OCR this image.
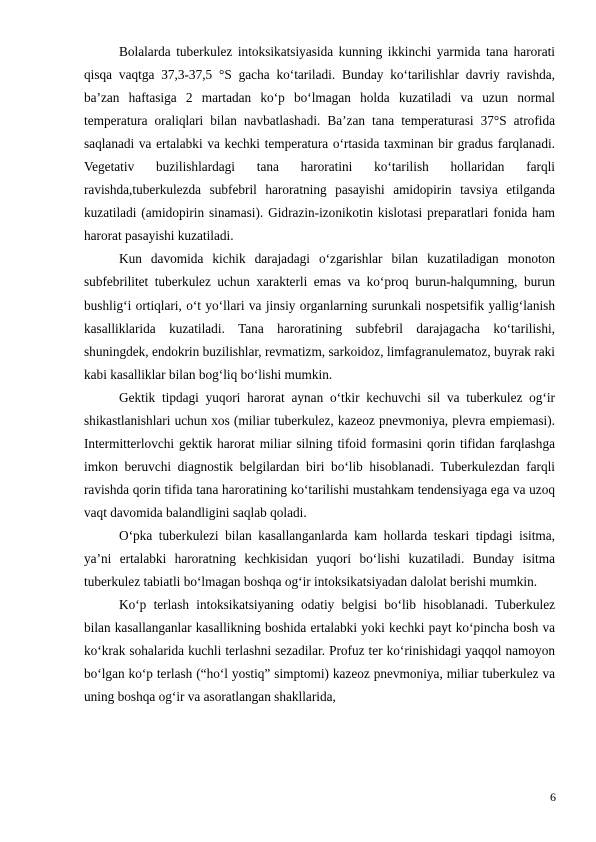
Bolalarda tuberkulez intoksikatsiyasida kunning ikkinchi yarmida tana harorati qisqa vaqtga 37,3-37,5 °S gacha ko‘tariladi. Bunday ko‘tarilishlar davriy ravishda, ba’zan haftasiga 2 martadan ko‘p bo‘lmagan holda kuzatiladi va uzun normal temperatura oraliqlari bilan navbatlashadi. Ba’zan tana temperaturasi 37°S atrofida saqlanadi va ertalabki va kechki temperatura o‘rtasida taxminan bir gradus farqlanadi. Vegetativ buzilishlardagi tana haroratini ko‘tarilish hollaridan farqli ravishda,tuberkulezda subfebril haroratning pasayishi amidopirin tavsiya etilganda kuzatiladi (amidopirin sinamasi). Gidrazin-izonikotin kislotasi preparatlari fonida ham harorat pasayishi kuzatiladi.

Kun davomida kichik darajadagi o‘zgarishlar bilan kuzatiladigan monoton subfebrilitet tuberkulez uchun xarakterli emas va ko‘proq burun-halqumning, burun bushlig‘i ortiqlari, o‘t yo‘llari va jinsiy organlarning surunkali nospetsifik yallig‘lanish kasalliklarida kuzatiladi. Tana haroratining subfebril darajagacha ko‘tarilishi, shuningdek, endokrin buzilishlar, revmatizm, sarkoidoz, limfagranulematoz, buyrak raki kabi kasalliklar bilan bog‘liq bo‘lishi mumkin.

Gektik tipdagi yuqori harorat aynan o‘tkir kechuvchi sil va tuberkulez og‘ir shikastlanishlari uchun xos (miliar tuberkulez, kazeoz pnevmoniya, plevra empiemasi). Intermitterlovchi gektik harorat miliar silning tifoid formasini qorin tifidan farqlashga imkon beruvchi diagnostik belgilardan biri bo‘lib hisoblanadi. Tuberkulezdan farqli ravishda qorin tifida tana haroratining ko‘tarilishi mustahkam tendensiyaga ega va uzoq vaqt davomida balandligini saqlab qoladi.

O‘pka tuberkulezi bilan kasallanganlarda kam hollarda teskari tipdagi isitma, ya’ni ertalabki haroratning kechkisidan yuqori bo‘lishi kuzatiladi. Bunday isitma tuberkulez tabiatli bo‘lmagan boshqa og‘ir intoksikatsiyadan dalolat berishi mumkin.

Ko‘p terlash intoksikatsiyaning odatiy belgisi bo‘lib hisoblanadi. Tuberkulez bilan kasallanganlar kasallikning boshida ertalabki yoki kechki payt ko‘pincha bosh va ko‘krak sohalarida kuchli terlashni sezadilar. Profuz ter ko‘rinishidagi yaqqol namoyon bo‘lgan ko‘p terlash (“ho‘l yostiq” simptomi) kazeoz pnevmoniya, miliar tuberkulez va uning boshqa og‘ir va asoratlangan shakllarida,

6
